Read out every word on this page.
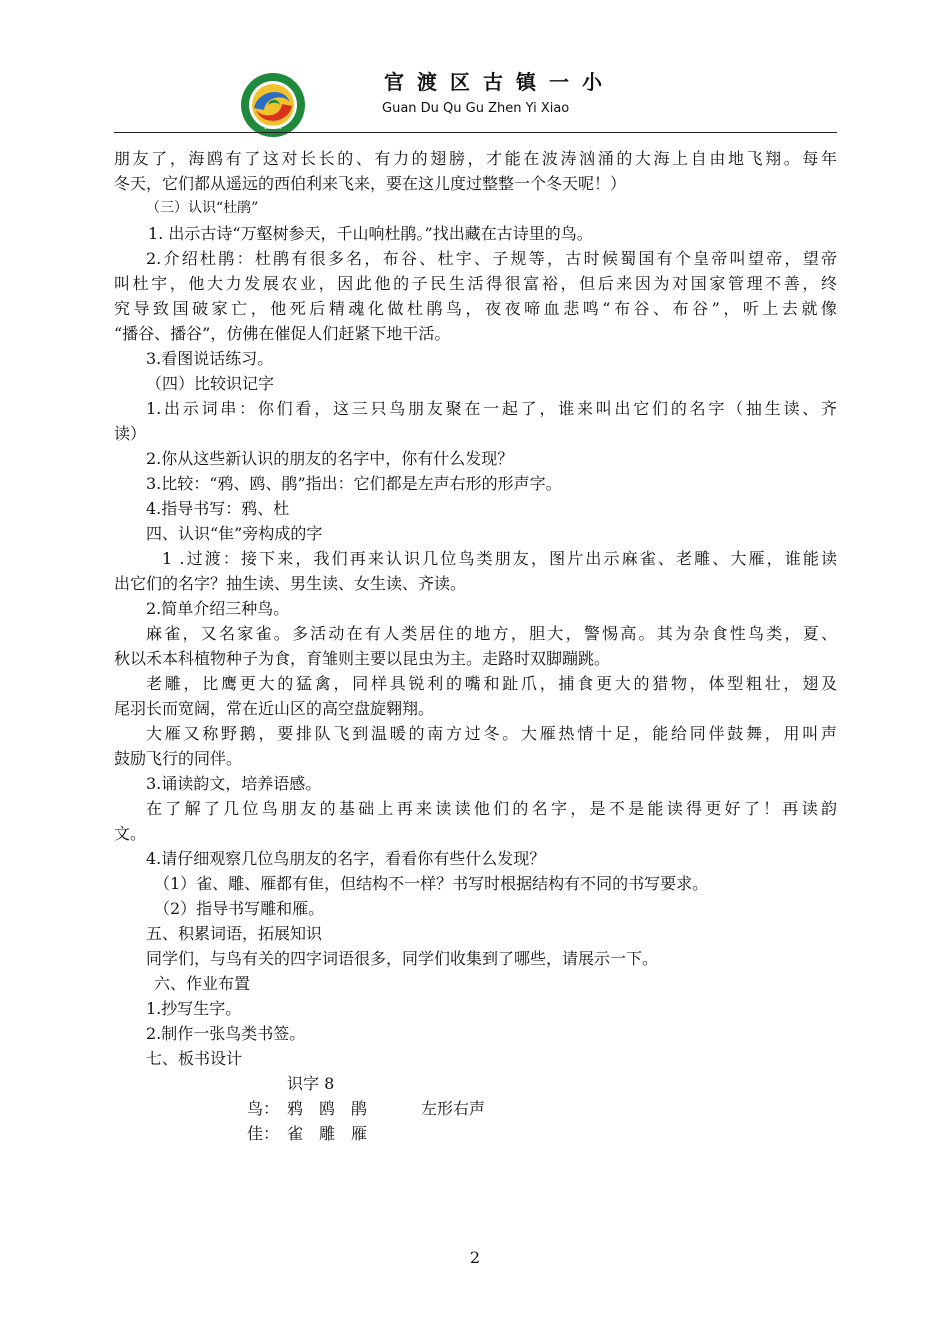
2009.9
官渡区古镇一小
Guan Du Qu Gu Zhen Yi Xiao
朋友了，海鸥有了这对长长的、有力的翅膀，才能在波涛汹涌的大海上自由地飞翔。每年
冬天，它们都从遥远的西伯利来飞来，要在这儿度过整整一个冬天呢！）
（三）认识“杜鹃”
1. 出示古诗“万壑树参天，千山响杜鹃。”找出藏在古诗里的鸟。
2.介绍杜鹃：杜鹃有很多名，布谷、杜宇、子规等，古时候蜀国有个皇帝叫望帝，望帝
叫杜宇，他大力发展农业，因此他的子民生活得很富裕，但后来因为对国家管理不善，终
究导致国破家亡，他死后精魂化做杜鹃鸟，夜夜啼血悲鸣“布谷、布谷”，听上去就像
“播谷、播谷”，仿佛在催促人们赶紧下地干活。
3.看图说话练习。
（四）比较识记字
1.出示词串：你们看，这三只鸟朋友聚在一起了，谁来叫出它们的名字（抽生读、齐
读）
2.你从这些新认识的朋友的名字中，你有什么发现？
3.比较：“鸦、鸥、鹃”指出：它们都是左声右形的形声字。
4.指导书写：鸦、杜
四、认识“隹”旁构成的字
1 .过渡：接下来，我们再来认识几位鸟类朋友，图片出示麻雀、老雕、大雁，谁能读
出它们的名字？抽生读、男生读、女生读、齐读。
2.简单介绍三种鸟。
麻雀，又名家雀。多活动在有人类居住的地方，胆大，警惕高。其为杂食性鸟类，夏、
秋以禾本科植物种子为食，育雏则主要以昆虫为主。走路时双脚蹦跳。
老雕，比鹰更大的猛禽，同样具锐利的嘴和趾爪，捕食更大的猎物，体型粗壮，翅及
尾羽长而宽阔，常在近山区的高空盘旋翱翔。
大雁又称野鹅，要排队飞到温暖的南方过冬。大雁热情十足，能给同伴鼓舞，用叫声
鼓励飞行的同伴。
3.诵读韵文，培养语感。
在了解了几位鸟朋友的基础上再来读读他们的名字，是不是能读得更好了！再读韵
文。
4.请仔细观察几位鸟朋友的名字，看看你有些什么发现？
（1）雀、雕、雁都有隹，但结构不一样？书写时根据结构有不同的书写要求。
（2）指导书写雕和雁。
五、积累词语，拓展知识
同学们，与鸟有关的四字词语很多，同学们收集到了哪些，请展示一下。
六、作业布置
1.抄写生字。
2.制作一张鸟类书签。
七、板书设计
识字 8
鸟： 鸦　鸥　鹃	左形右声
佳： 雀　雕　雁
2
